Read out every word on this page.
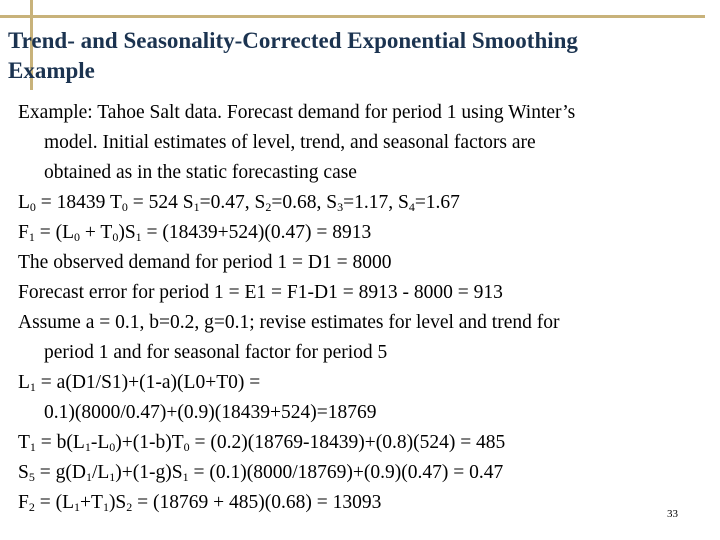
Trend- and Seasonality-Corrected Exponential Smoothing
Example

Example: Tahoe Salt data. Forecast demand for period 1 using Winter’s
model. Initial estimates of level, trend, and seasonal factors are
obtained as in the static forecasting case

$L_0 = 18439$ $T_0 = 524$ $S_1=0.47$, $S_2=0.68$, $S_3=1.17$, $S_4=1.67$

$F_1 = (L_0 + T_0)S_1 = (18439+524)(0.47) = 8913$

The observed demand for period 1 = D1 = 8000

Forecast error for period 1 = E1 = F1-D1 = 8913 - 8000 = 913

Assume a = 0.1, b=0.2, g=0.1; revise estimates for level and trend for
period 1 and for seasonal factor for period 5

$L_1 = a(D1/S1)+(1-a)(L0+T0)$ =
0.1)(8000/0.47)+(0.9)(18439+524)=18769

$T_1 = b(L_1-L_0)+(1-b)T_0 = (0.2)(18769-18439)+(0.8)(524) = 485$

$S_5 = g(D_1/L_1)+(1-g)S_1 = (0.1)(8000/18769)+(0.9)(0.47) = 0.47$

$F_2 = (L_1+T_1)S_2 = (18769 + 485)(0.68) = 13093$

33
